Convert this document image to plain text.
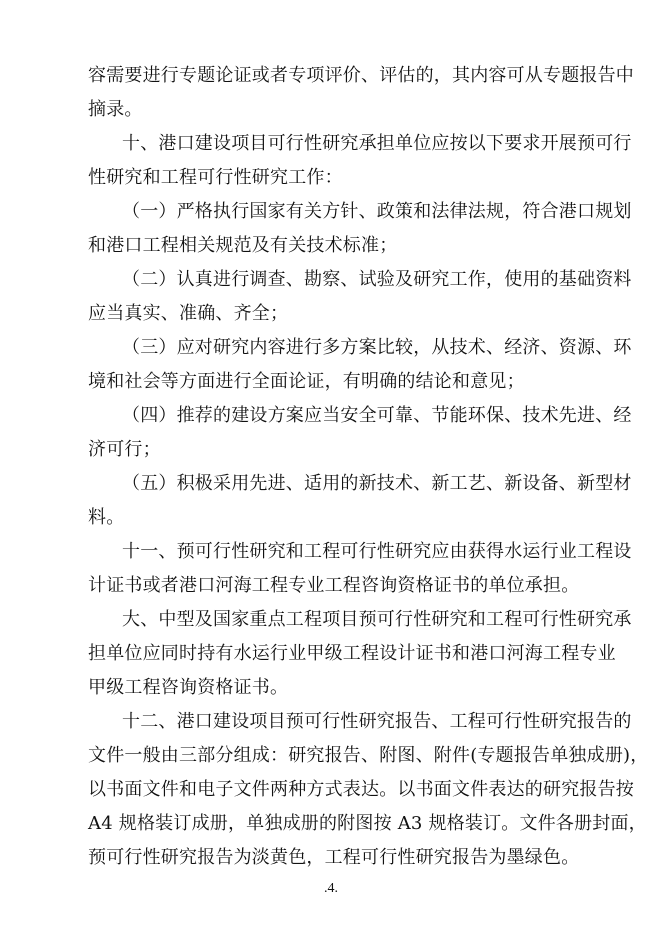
容需要进行专题论证或者专项评价、评估的，其内容可从专题报告中
摘录。
十、港口建设项目可行性研究承担单位应按以下要求开展预可行
性研究和工程可行性研究工作：
（一）严格执行国家有关方针、政策和法律法规，符合港口规划
和港口工程相关规范及有关技术标准；
（二）认真进行调查、勘察、试验及研究工作，使用的基础资料
应当真实、准确、齐全；
（三）应对研究内容进行多方案比较，从技术、经济、资源、环
境和社会等方面进行全面论证，有明确的结论和意见；
（四）推荐的建设方案应当安全可靠、节能环保、技术先进、经
济可行；
（五）积极采用先进、适用的新技术、新工艺、新设备、新型材
料。
十一、预可行性研究和工程可行性研究应由获得水运行业工程设
计证书或者港口河海工程专业工程咨询资格证书的单位承担。
大、中型及国家重点工程项目预可行性研究和工程可行性研究承
担单位应同时持有水运行业甲级工程设计证书和港口河海工程专业
甲级工程咨询资格证书。
十二、港口建设项目预可行性研究报告、工程可行性研究报告的
文件一般由三部分组成：研究报告、附图、附件(专题报告单独成册)，
以书面文件和电子文件两种方式表达。以书面文件表达的研究报告按
A4 规格装订成册，单独成册的附图按 A3 规格装订。文件各册封面，
预可行性研究报告为淡黄色，工程可行性研究报告为墨绿色。
.4.
